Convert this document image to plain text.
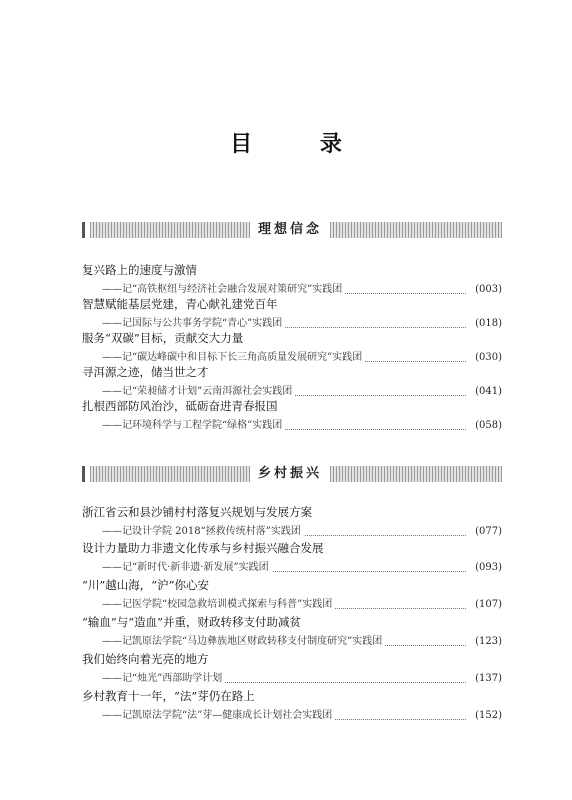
目 录
理想信念
复兴路上的速度与激情
——记“高铁枢纽与经济社会融合发展对策研究”实践团	(003)
智慧赋能基层党建，青心献礼建党百年
——记国际与公共事务学院“青心”实践团	(018)
服务“双碳”目标，贡献交大力量
——记“碳达峰碳中和目标下长三角高质量发展研究”实践团	(030)
寻洱源之迹，储当世之才
——记“荣昶储才计划”云南洱源社会实践团	(041)
扎根西部防风治沙，砥砺奋进青春报国
——记环境科学与工程学院“绿格”实践团	(058)
乡村振兴
浙江省云和县沙铺村村落复兴规划与发展方案
——记设计学院 2018“拯救传统村落”实践团	(077)
设计力量助力非遗文化传承与乡村振兴融合发展
——记“新时代·新非遗·新发展”实践团	(093)
“川”越山海，“沪”你心安
——记医学院“校园急救培训模式探索与科普”实践团	(107)
“输血”与“造血”并重，财政转移支付助减贫
——记凯原法学院“马边彝族地区财政转移支付制度研究”实践团	(123)
我们始终向着光亮的地方
——记“烛光”西部助学计划	(137)
乡村教育十一年，“法”芽仍在路上
——记凯原法学院“法”芽—健康成长计划社会实践团	(152)
